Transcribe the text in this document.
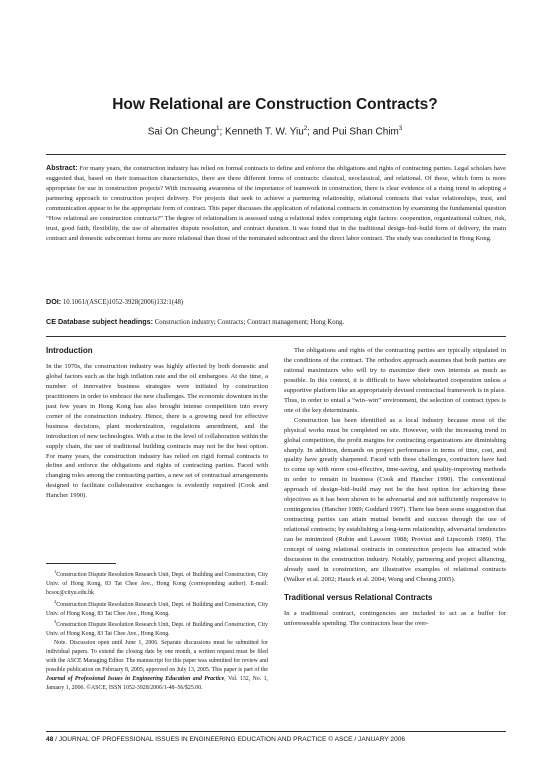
How Relational are Construction Contracts?
Sai On Cheung$^1$; Kenneth T. W. Yiu$^2$; and Pui Shan Chim$^3$
Abstract: For many years, the construction industry has relied on formal contracts to define and enforce the obligations and rights of contracting parties. Legal scholars have suggested that, based on their transaction characteristics, there are three different forms of contracts: classical, neoclassical, and relational. Of these, which form is more appropriate for use in construction projects? With increasing awareness of the importance of teamwork in construction, there is clear evidence of a rising trend in adopting a partnering approach to construction project delivery. For projects that seek to achieve a partnering relationship, relational contracts that value relationships, trust, and communication appear to be the appropriate form of contract. This paper discusses the application of relational contracts in construction by examining the fundamental question “How relational are construction contracts?” The degree of relationalism is assessed using a relational index comprising eight factors: cooperation, organizational culture, risk, trust, good faith, flexibility, the use of alternative dispute resolution, and contract duration. It was found that in the traditional design–bid–build form of delivery, the main contract and domestic subcontract forms are more relational than those of the nominated subcontract and the direct labor contract. The study was conducted in Hong Kong.
DOI: 10.1061/(ASCE)1052-3928(2006)132:1(48)
CE Database subject headings: Construction industry; Contracts; Contract management; Hong Kong.
Introduction

In the 1970s, the construction industry was highly affected by both domestic and global factors such as the high inflation rate and the oil embargoes. At the time, a number of innovative business strategies were initiated by construction practitioners in order to embrace the new challenges. The economic downturn in the past few years in Hong Kong has also brought intense competition into every corner of the construction industry. Hence, there is a growing need for effective business decisions, plant modernization, regulations amendment, and the introduction of new technologies. With a rise in the level of collaboration within the supply chain, the use of traditional building contracts may not be the best option. For many years, the construction industry has relied on rigid formal contracts to define and enforce the obligations and rights of contracting parties. Faced with changing roles among the contracting parties, a new set of contractual arrangements designed to facilitate collaborative exchanges is evidently required (Cook and Hancher 1990).

$^1$Construction Dispute Resolution Research Unit, Dept. of Building and Construction, City Univ. of Hong Kong, 83 Tat Chee Ave., Hong Kong (corresponding author). E-mail: bcsoc@cityu.edu.hk

$^2$Construction Dispute Resolution Research Unit, Dept. of Building and Construction, City Univ. of Hong Kong, 83 Tat Chee Ave., Hong Kong.

$^3$Construction Dispute Resolution Research Unit, Dept. of Building and Construction, City Univ. of Hong Kong, 83 Tat Chee Ave., Hong Kong.

Note. Discussion open until June 1, 2006. Separate discussions must be submitted for individual papers. To extend the closing date by one month, a written request must be filed with the ASCE Managing Editor. The manuscript for this paper was submitted for review and possible publication on February 8, 2005; approved on July 13, 2005. This paper is part of the Journal of Professional Issues in Engineering Education and Practice, Vol. 132, No. 1, January 1, 2006. ©ASCE, ISSN 1052-3928/2006/1-48–56/$25.00.

The obligations and rights of the contracting parties are typically stipulated in the conditions of the contract. The orthodox approach assumes that both parties are rational maximizers who will try to maximize their own interests as much as possible. In this context, it is difficult to have wholehearted cooperation unless a supportive platform like an appropriately devised contractual framework is in place. Thus, in order to entail a “win–win” environment, the selection of contract types is one of the key determinants.

Construction has been identified as a local industry because most of the physical works must be completed on site. However, with the increasing trend in global competition, the profit margins for contracting organizations are diminishing sharply. In addition, demands on project performance in terms of time, cost, and quality have greatly sharpened. Faced with these challenges, contractors have had to come up with more cost-effective, time-saving, and quality-improving methods in order to remain in business (Cook and Hancher 1990). The conventional approach of design–bid–build may not be the best option for achieving these objectives as it has been shown to be adversarial and not sufficiently responsive to contingencies (Hancher 1989; Goddard 1997). There has been some suggestion that contracting parties can attain mutual benefit and success through the use of relational contracts; by establishing a long-term relationship, adversarial tendencies can be minimized (Rubin and Lawson 1988; Provost and Lipscomb 1989). The concept of using relational contracts in construction projects has attracted wide discussion in the construction industry. Notably, partnering and project alliancing, already used in construction, are illustrative examples of relational contracts (Walker et al. 2002; Hauck et al. 2004; Wong and Cheung 2005).

Traditional versus Relational Contracts

In a traditional contract, contingencies are included to act as a buffer for unforeseeable spending. The contractors bear the over-

48 / JOURNAL OF PROFESSIONAL ISSUES IN ENGINEERING EDUCATION AND PRACTICE © ASCE / JANUARY 2006
